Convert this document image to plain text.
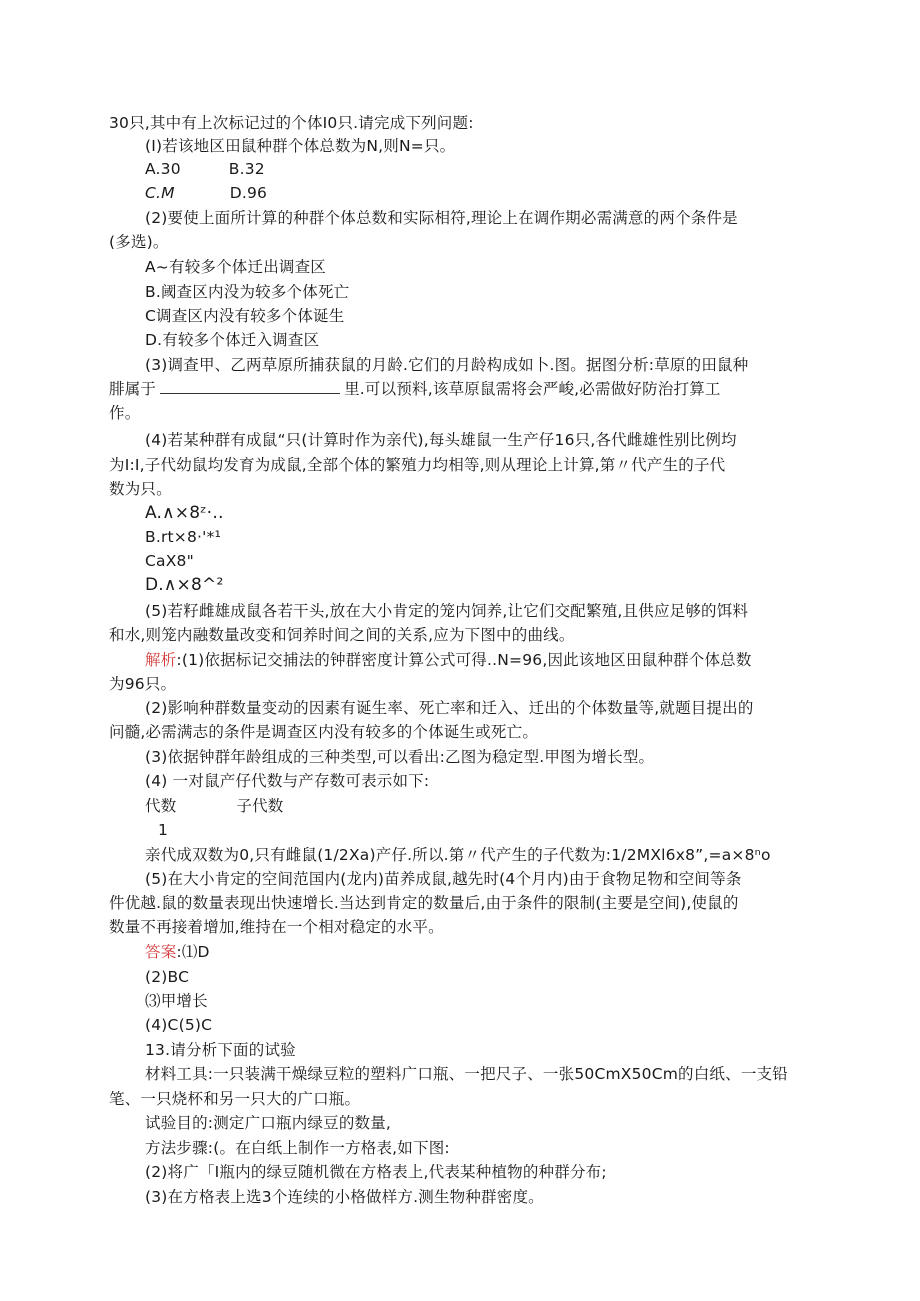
30只,其中有上次标记过的个体I0只.请完成下列问题:
(I)若该地区田鼠种群个体总数为N,则N=只。
A.30	B.32
C.M	D.96
(2)要使上面所计算的种群个体总数和实际相符,理论上在调作期必需满意的两个条件是
(多选)。
A~有较多个体迁出调查区
B.阈查区内没为较多个体死亡
C调查区内没有较多个体诞生
D.有较多个体迁入调查区
(3)调查甲、乙两草原所捕获鼠的月龄.它们的月龄构成如卜.图。据图分析:草原的田鼠种
腓属于	里.可以预料,该草原鼠需将会严峻,必需做好防治打算工
作。
(4)若某种群有成鼠“只(计算时作为亲代),每头雄鼠一生产仔16只,各代雌雄性别比例均
为I:I,子代幼鼠均发育为成鼠,全部个体的繁殖力均相等,则从理论上计算,第〃代产生的子代
数为只。
A.∧×8ᶻ·‥
B.rt×8·'*¹
CaX8"
D.∧×8^²
(5)若籽雌雄成鼠各若干头,放在大小肯定的笼内饲养,让它们交配繁殖,且供应足够的饵料
和水,则笼内融数量改变和饲养时间之间的关系,应为下图中的曲线。
解析:(1)依据标记交捕法的钟群密度计算公式可得..N=96,因此该地区田鼠种群个体总数
为96只。
(2)影响种群数量变动的因素有诞生率、死亡率和迁入、迁出的个体数量等,就题目提出的
问髓,必需满志的条件是调查区内没有较多的个体诞生或死亡。
(3)依据钟群年龄组成的三种类型,可以看出:乙图为稳定型.甲图为增长型。
(4) 一对鼠产仔代数与产存数可表示如下:
代数	子代数
1
亲代成双数为0,只有雌鼠(1/2Xa)产仔.所以.第〃代产生的子代数为:1/2MXl6x8”,=a×8ⁿo
(5)在大小肯定的空间范国内(龙内)苗养成鼠,越先时(4个月内)由于食物足物和空间等条
件优越.鼠的数量表现出快速增长.当达到肯定的数量后,由于条件的限制(主要是空间),使鼠的
数量不再接着增加,维持在一个相对稳定的水平。
答案:⑴D
(2)BC
⑶甲增长
(4)C(5)C
13.请分析下面的试验
材料工具:一只装满干燥绿豆粒的塑料广口瓶、一把尺子、一张50CmX50Cm的白纸、一支铅
笔、一只烧杯和另一只大的广口瓶。
试验目的:测定广口瓶内绿豆的数量,
方法步骤:(。在白纸上制作一方格表,如下图:
(2)将广「I瓶内的绿豆随机微在方格表上,代表某种植物的种群分布;
(3)在方格表上选3个连续的小格做样方.测生物种群密度。
